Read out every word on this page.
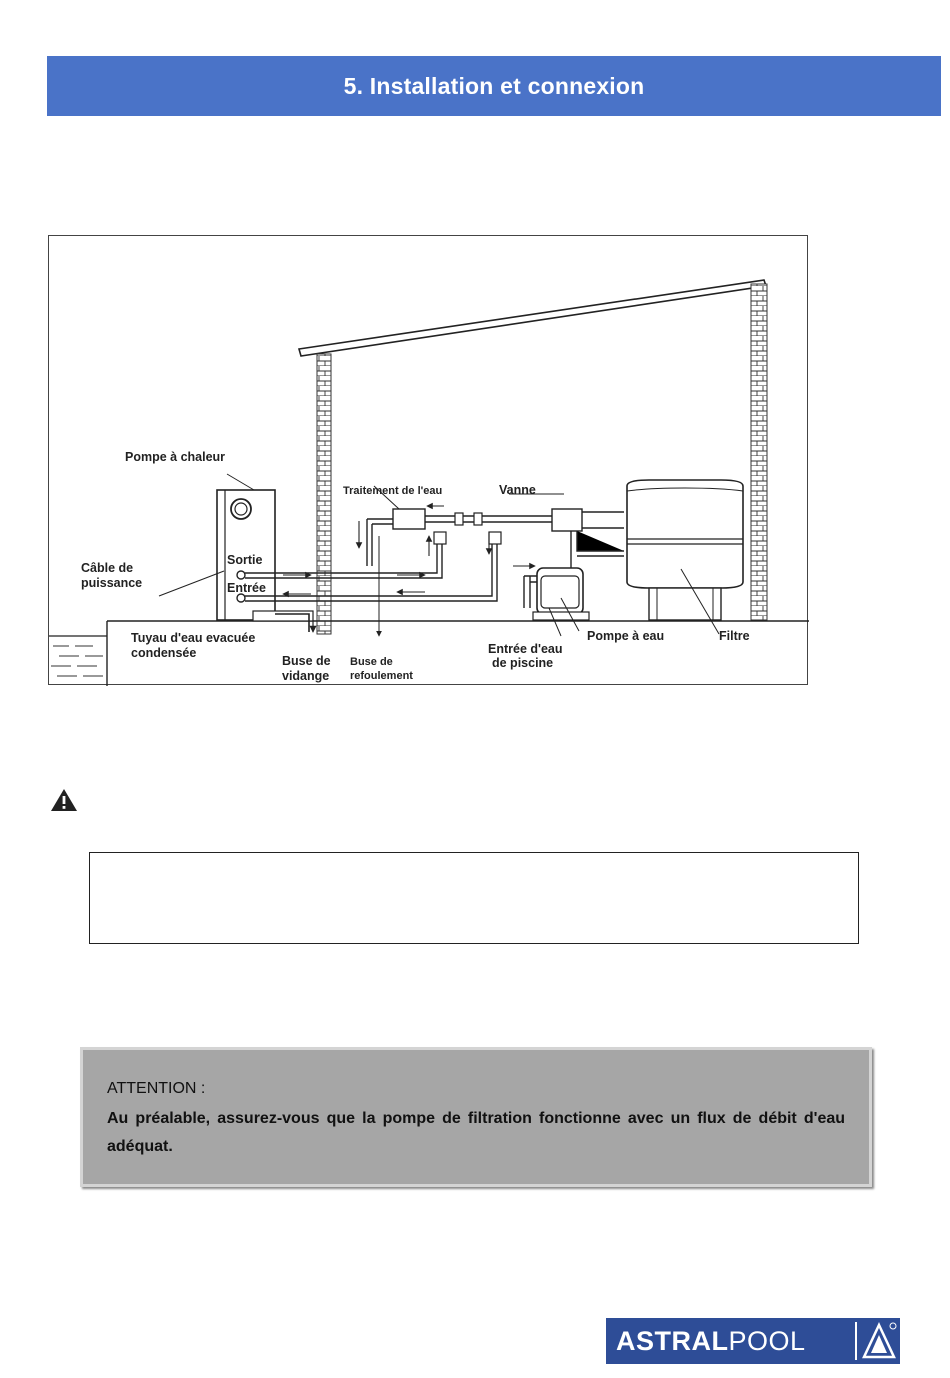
5. Installation et connexion
Pompe à chaleur
Traitement de l'eau	Vanne
Câble de
puissance
Sortie
Entrée
Tuyau d'eau evacuée
condensée
Buse de
vidange
Buse de
refoulement
Entrée d'eau
de piscine
Pompe à eau	Filtre
ATTENTION :
Au préalable, assurez-vous que la pompe de filtration fonctionne avec un flux de débit d'eau adéquat.
ASTRAL POOL
